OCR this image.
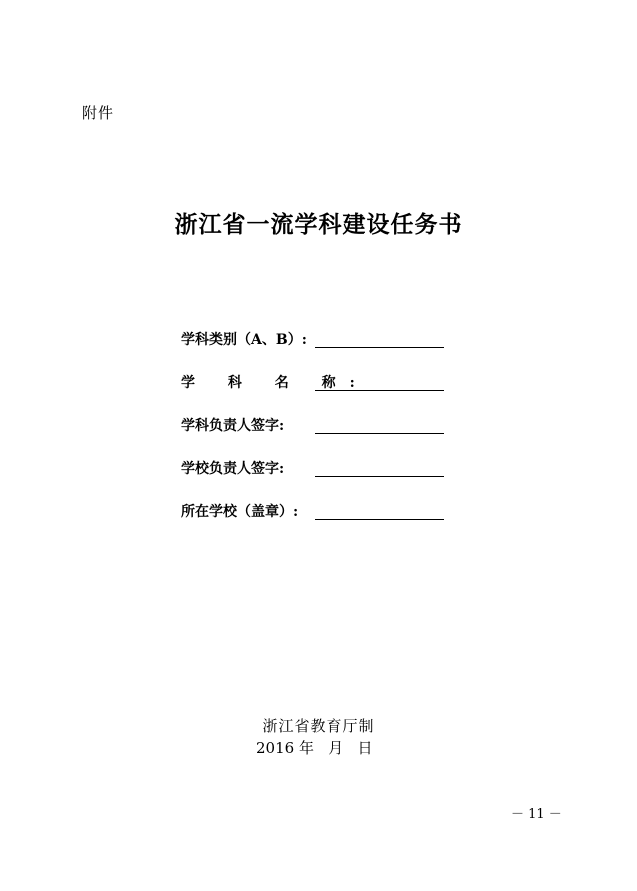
附件
浙江省一流学科建设任务书
学科类别（A、B）:
学 科 名 称:
学科负责人签字:
学校负责人签字:
所在学校（盖章）:
浙江省教育厅制
2016 年   月   日
－ 11 －
